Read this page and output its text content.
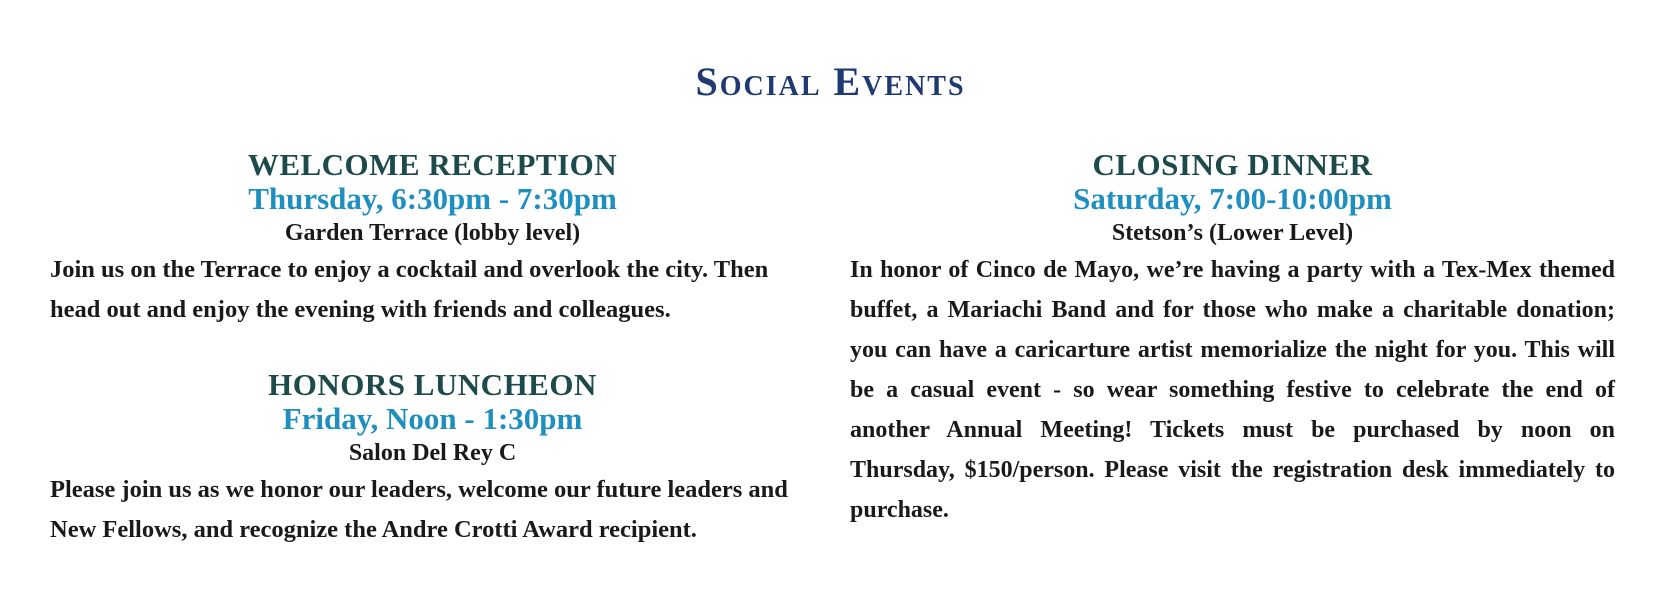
Social Events
WELCOME RECEPTION
Thursday, 6:30pm - 7:30pm
Garden Terrace (lobby level)

Join us on the Terrace to enjoy a cocktail and overlook the city. Then head out and enjoy the evening with friends and colleagues.

HONORS LUNCHEON
Friday, Noon - 1:30pm
Salon Del Rey C

Please join us as we honor our leaders, welcome our future leaders and New Fellows, and recognize the Andre Crotti Award recipient.

CLOSING DINNER
Saturday, 7:00-10:00pm
Stetson’s (Lower Level)

In honor of Cinco de Mayo, we’re having a party with a Tex-Mex themed buffet, a Mariachi Band and for those who make a charitable donation; you can have a caricarture artist memorialize the night for you. This will be a casual event - so wear something festive to celebrate the end of another Annual Meeting! Tickets must be purchased by noon on Thursday, $150/person. Please visit the registration desk immediately to purchase.
